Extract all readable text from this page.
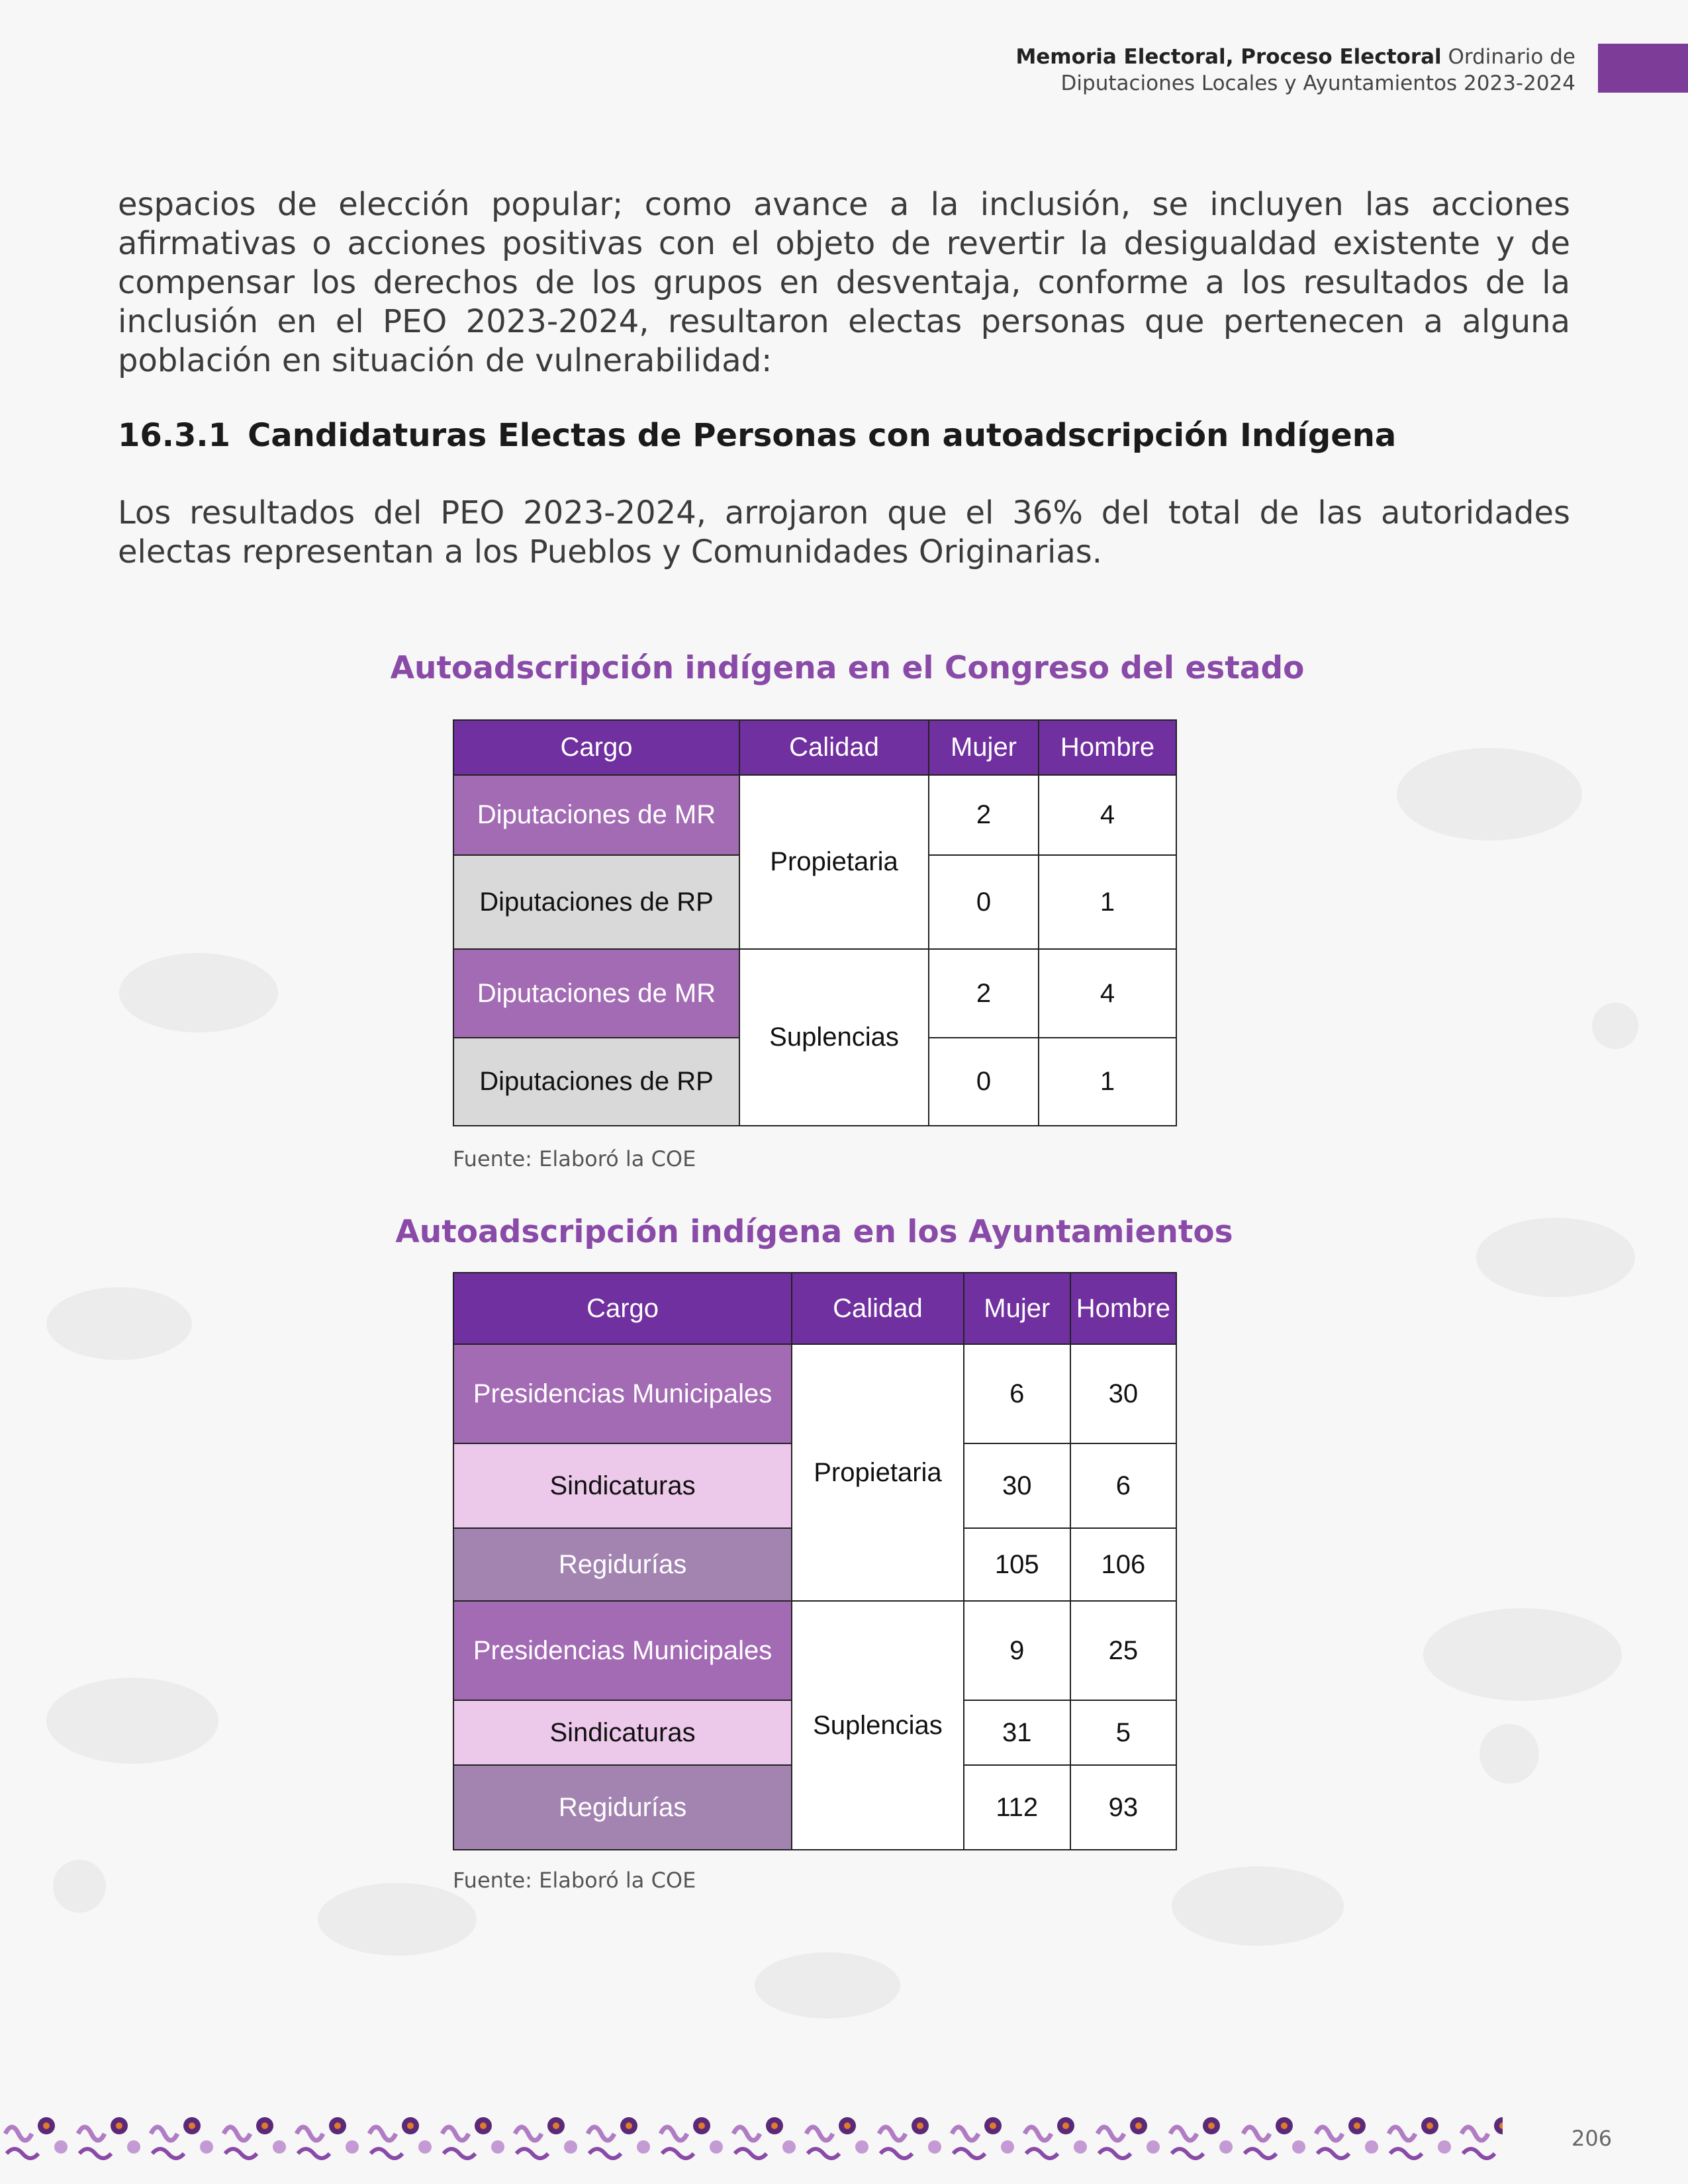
Memoria Electoral, Proceso Electoral Ordinario de
Diputaciones Locales y Ayuntamientos 2023-2024
espacios de elección popular; como avance a la inclusión, se incluyen las acciones afirmativas o acciones positivas con el objeto de revertir la desigualdad existente y de compensar los derechos de los grupos en desventaja, conforme a los resultados de la inclusión en el PEO 2023-2024, resultaron electas personas que pertenecen a alguna población en situación de vulnerabilidad:
16.3.1 Candidaturas Electas de Personas con autoadscripción Indígena
Los resultados del PEO 2023-2024, arrojaron que el 36% del total de las autoridades electas representan a los Pueblos y Comunidades Originarias.
Autoadscripción indígena en el Congreso del estado
Cargo	Calidad	Mujer	Hombre
Diputaciones de MR	Propietaria	2	4
Diputaciones de RP		0	1
Diputaciones de MR	Suplencias	2	4
Diputaciones de RP		0	1
Fuente: Elaboró la COE
Autoadscripción indígena en los Ayuntamientos
Cargo	Calidad	Mujer	Hombre
Presidencias Municipales	Propietaria	6	30
Sindicaturas		30	6
Regidurías		105	106
Presidencias Municipales	Suplencias	9	25
Sindicaturas		31	5
Regidurías		112	93
Fuente: Elaboró la COE
206
